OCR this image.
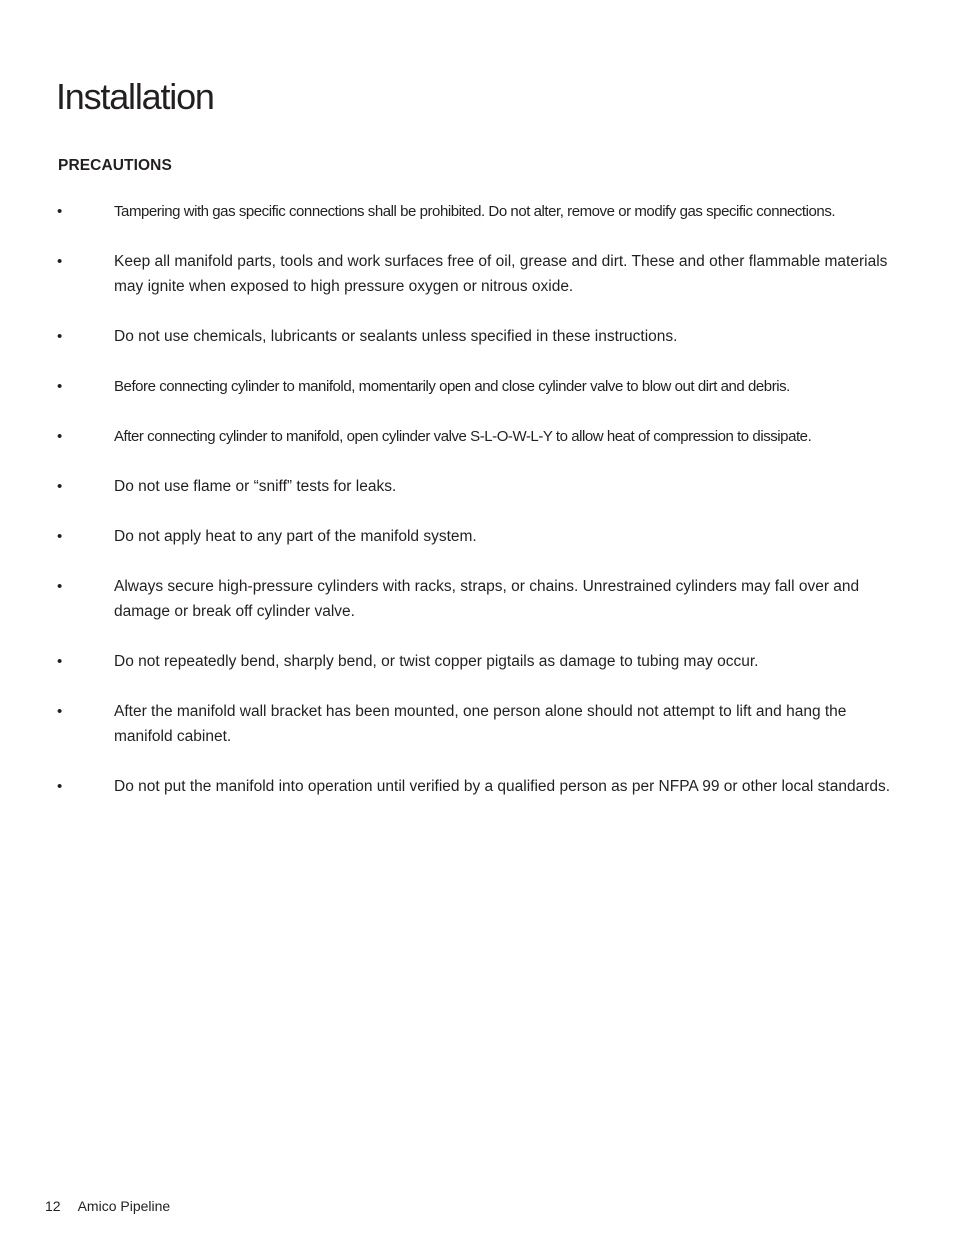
Installation
PRECAUTIONS
•	Tampering with gas specific connections shall be prohibited. Do not alter, remove or modify gas specific connections.
•	Keep all manifold parts, tools and work surfaces free of oil, grease and dirt. These and other flammable materials may ignite when exposed to high pressure oxygen or nitrous oxide.
•	Do not use chemicals, lubricants or sealants unless specified in these instructions.
•	Before connecting cylinder to manifold, momentarily open and close cylinder valve to blow out dirt and debris.
•	After connecting cylinder to manifold, open cylinder valve S-L-O-W-L-Y to allow heat of compression to dissipate.
•	Do not use flame or “sniff” tests for leaks.
•	Do not apply heat to any part of the manifold system.
•	Always secure high-pressure cylinders with racks, straps, or chains. Unrestrained cylinders may fall over and damage or break off cylinder valve.
•	Do not repeatedly bend, sharply bend, or twist copper pigtails as damage to tubing may occur.
•	After the manifold wall bracket has been mounted, one person alone should not attempt to lift and hang the manifold cabinet.
•	Do not put the manifold into operation until verified by a qualified person as per NFPA 99 or other local standards.
12 Amico Pipeline
